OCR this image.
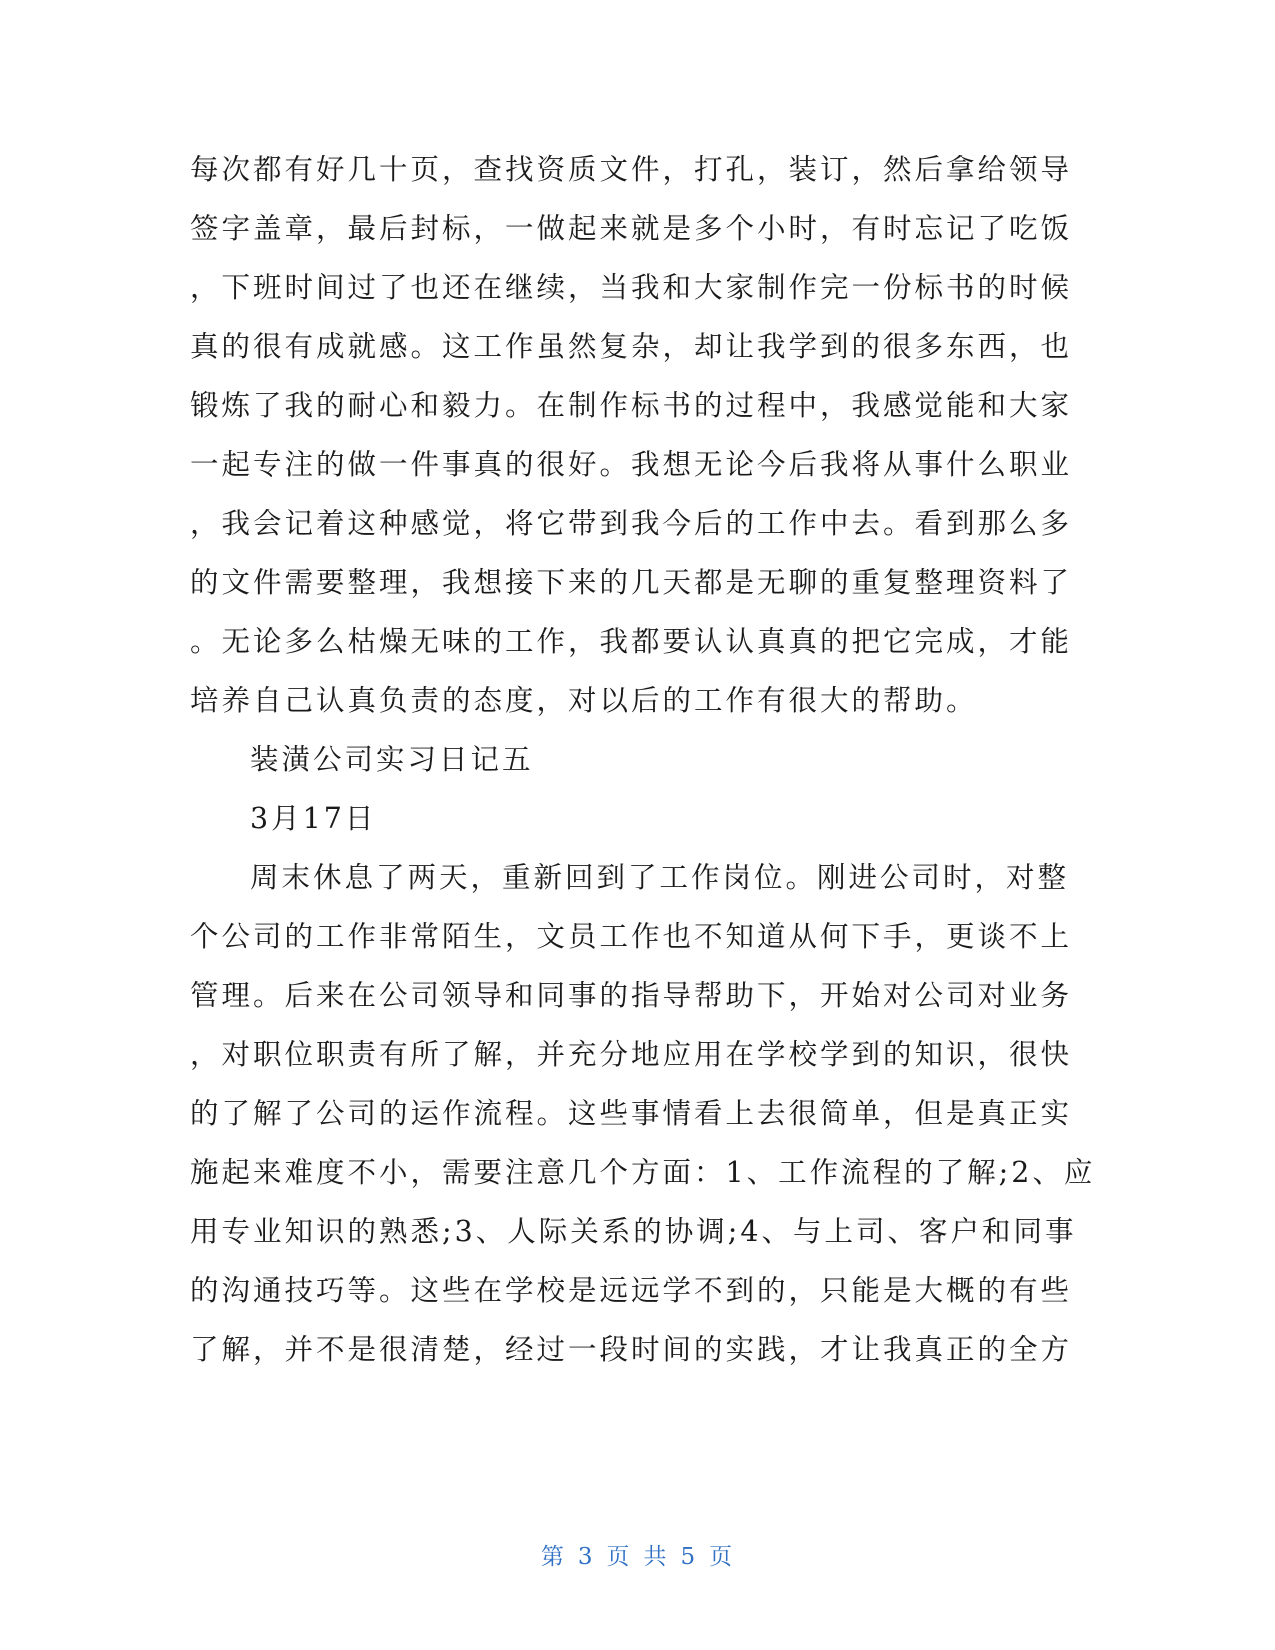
每次都有好几十页，查找资质文件，打孔，装订，然后拿给领导
签字盖章，最后封标，一做起来就是多个小时，有时忘记了吃饭
，下班时间过了也还在继续，当我和大家制作完一份标书的时候
真的很有成就感。这工作虽然复杂，却让我学到的很多东西，也
锻炼了我的耐心和毅力。在制作标书的过程中，我感觉能和大家
一起专注的做一件事真的很好。我想无论今后我将从事什么职业
，我会记着这种感觉，将它带到我今后的工作中去。看到那么多
的文件需要整理，我想接下来的几天都是无聊的重复整理资料了
。无论多么枯燥无味的工作，我都要认认真真的把它完成，才能
培养自己认真负责的态度，对以后的工作有很大的帮助。
装潢公司实习日记五
3月17日
周末休息了两天，重新回到了工作岗位。刚进公司时，对整
个公司的工作非常陌生，文员工作也不知道从何下手，更谈不上
管理。后来在公司领导和同事的指导帮助下，开始对公司对业务
，对职位职责有所了解，并充分地应用在学校学到的知识，很快
的了解了公司的运作流程。这些事情看上去很简单，但是真正实
施起来难度不小，需要注意几个方面：1、工作流程的了解;2、应
用专业知识的熟悉;3、人际关系的协调;4、与上司、客户和同事
的沟通技巧等。这些在学校是远远学不到的，只能是大概的有些
了解，并不是很清楚，经过一段时间的实践，才让我真正的全方
第 3 页 共 5 页
